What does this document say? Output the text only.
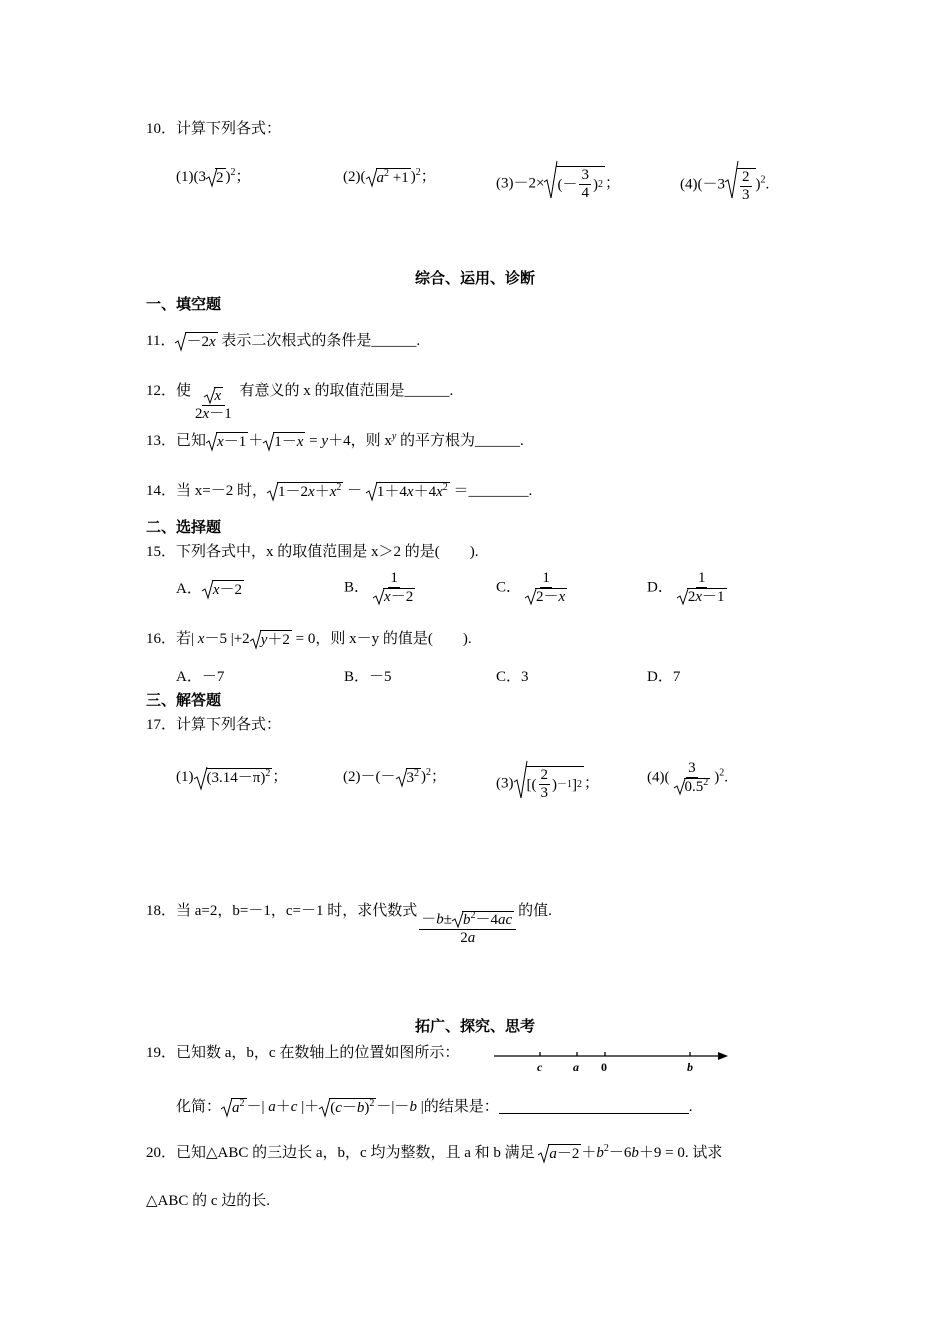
10．计算下列各式：
(1)(3 2 )$^2$；	(2)( $a^2 +1$ )$^2$；	(3)－2× (－ $\frac{3}{4}$ ) 2 ；	$(4)(-3 \frac{2}{3} )^2$.
综合、运用、诊断
一、填空题
11． －2x 表示二次根式的条件是______.
12．使 $\frac{x}{2x-1}$ 有意义的 x 的取值范围是______.
13．已知 x－1 ＋ 1－x
= y＋4，则 $x^y$ 的平方根为______.
14．当 x=－2 时， $1-2x+x^2$
－ $1+4x+4x^2$ ＝________.
二、选择题
15．下列各式中，x 的取值范围是 x＞2 的是(　　).
A． x－2	B． $\frac{1}{x-2}$	C． $\frac{1}{2-x}$	D． $\frac{1}{2x-1}$
16．若| x－5 |+2 y＋2
= 0，则 x－y 的值是(　　).
A．－7	B．－5	C．3	D．7
三、解答题
17．计算下列各式：
(1) $(3.14-\pi)^2$ ；	$(2)-(- 3^2$ )$^2$；	(3) [( $\frac{2}{3}$ ) －1 ] 2 ；	$(4)( \frac{3}{0.5^2} )^2$.
18．当 a=2，b=－1，c=－1 时，求代数式 $\frac{-b\pm b^2-4ac}{2a}$ 的值.
拓广、探究、思考
19．已知数 a，b，c 在数轴上的位置如图所示：
c	a 0	b
化简： $a^2$ －| a＋c |＋ $(c-b)^2 -|-b$ |的结果是：	.
20．已知△ABC 的三边长 a，b，c 均为整数，且 a 和 b 满足 $a-2 +b^2-6b+9 = 0$. 试求
△ABC 的 c 边的长.
